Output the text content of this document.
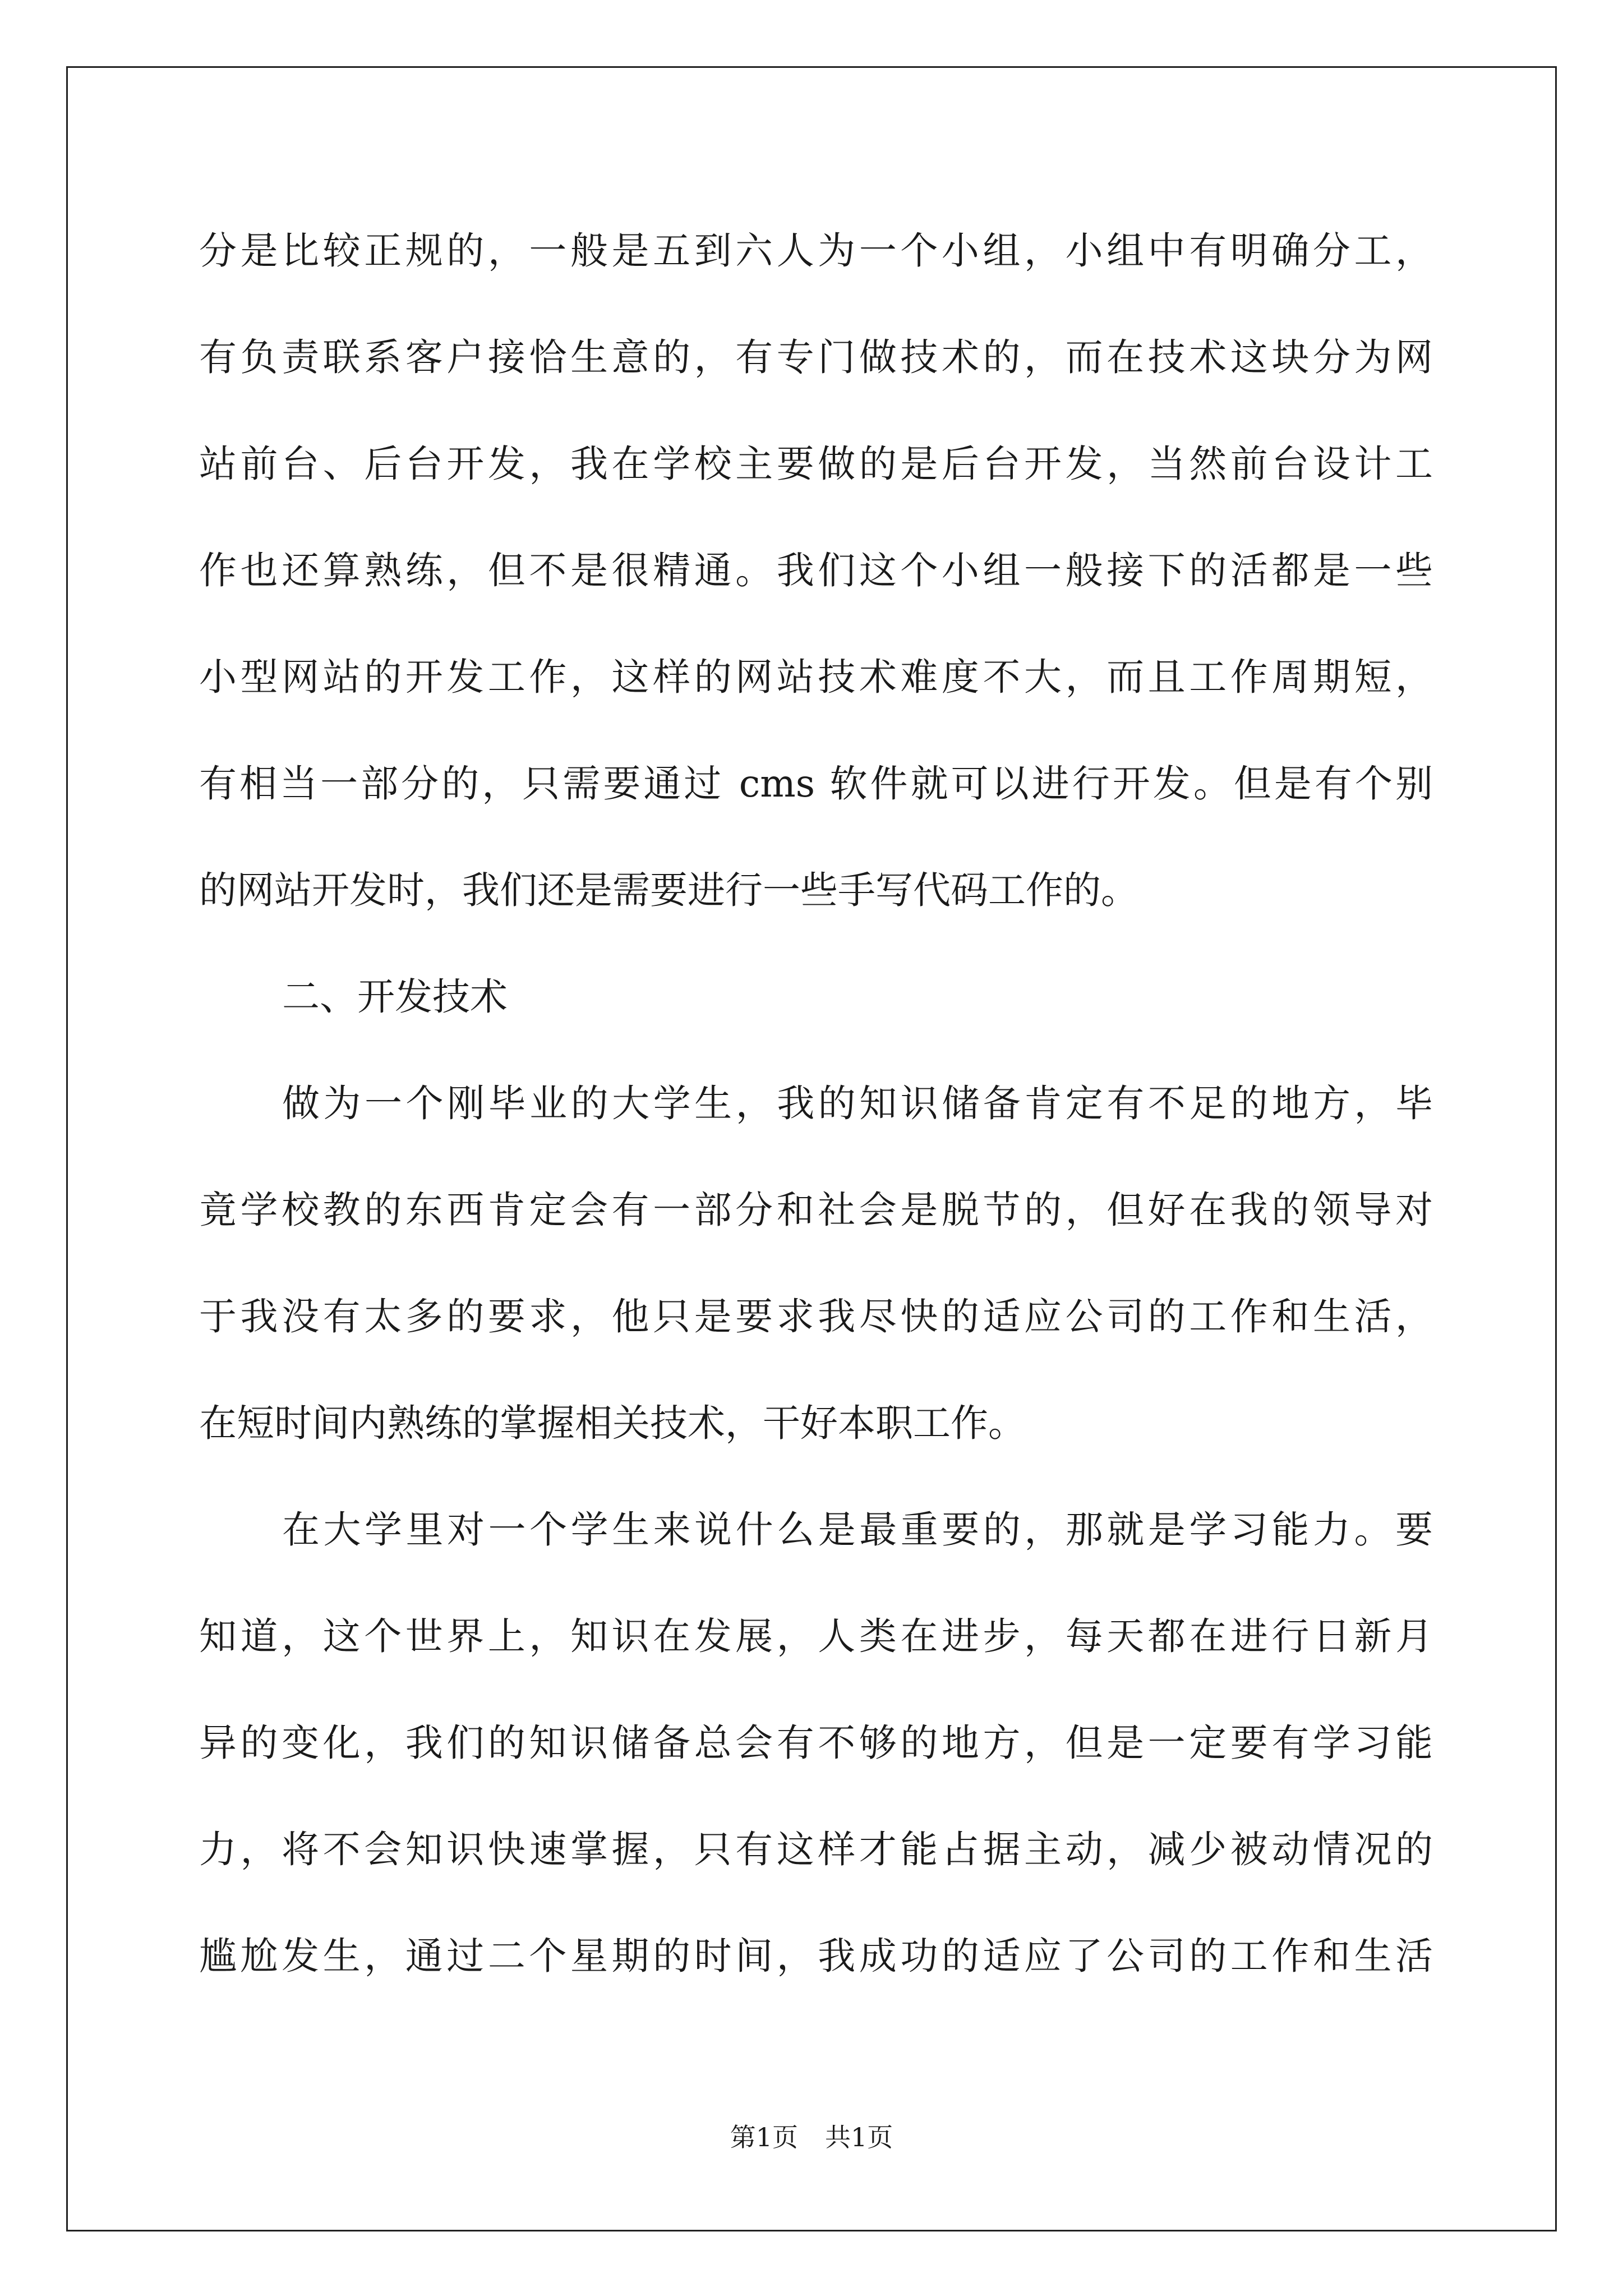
分是比较正规的，一般是五到六人为一个小组，小组中有明确分工，
有负责联系客户接恰生意的，有专门做技术的，而在技术这块分为网
站前台、后台开发，我在学校主要做的是后台开发，当然前台设计工
作也还算熟练，但不是很精通。我们这个小组一般接下的活都是一些
小型网站的开发工作，这样的网站技术难度不大，而且工作周期短，
有相当一部分的，只需要通过 cms 软件就可以进行开发。但是有个别
的网站开发时，我们还是需要进行一些手写代码工作的。
二、开发技术
做为一个刚毕业的大学生，我的知识储备肯定有不足的地方，毕
竟学校教的东西肯定会有一部分和社会是脱节的，但好在我的领导对
于我没有太多的要求，他只是要求我尽快的适应公司的工作和生活，
在短时间内熟练的掌握相关技术，干好本职工作。
在大学里对一个学生来说什么是最重要的，那就是学习能力。要
知道，这个世界上，知识在发展，人类在进步，每天都在进行日新月
异的变化，我们的知识储备总会有不够的地方，但是一定要有学习能
力，将不会知识快速掌握，只有这样才能占据主动，减少被动情况的
尴尬发生，通过二个星期的时间，我成功的适应了公司的工作和生活
第1页 共1页
